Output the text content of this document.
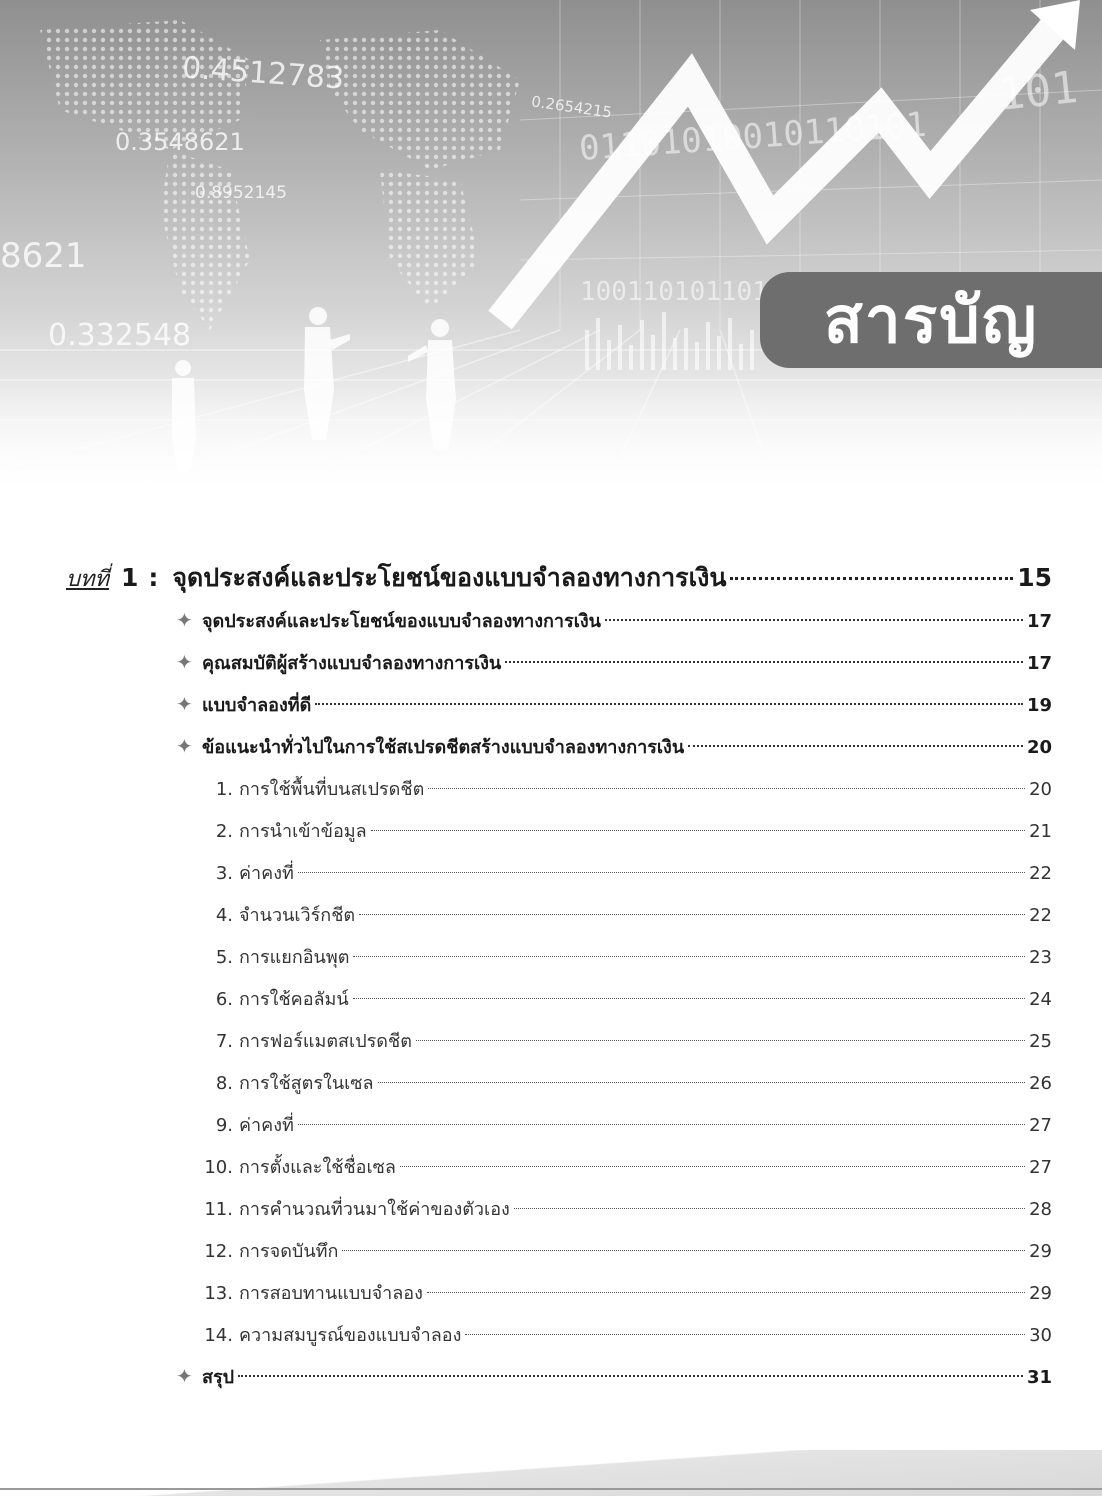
0.4512783
0.3548621
0.8952145
8621
0.332548
0.2654215
สารบัญ
บทที่ 1 : จุดประสงค์และประโยชน์ของแบบจำลองทางการเงิน	15
✦ จุดประสงค์และประโยชน์ของแบบจำลองทางการเงิน	17
✦ คุณสมบัติผู้สร้างแบบจำลองทางการเงิน	17
✦ แบบจำลองที่ดี	19
✦ ข้อแนะนำทั่วไปในการใช้สเปรดชีตสร้างแบบจำลองทางการเงิน	20
1. การใช้พื้นที่บนสเปรดชีต	20
2. การนำเข้าข้อมูล	21
3. ค่าคงที่	22
4. จำนวนเวิร์กชีต	22
5. การแยกอินพุต	23
6. การใช้คอลัมน์	24
7. การฟอร์แมตสเปรดชีต	25
8. การใช้สูตรในเซล	26
9. ค่าคงที่	27
10. การตั้งและใช้ชื่อเซล	27
11. การคำนวณที่วนมาใช้ค่าของตัวเอง	28
12. การจดบันทึก	29
13. การสอบทานแบบจำลอง	29
14. ความสมบูรณ์ของแบบจำลอง	30
✦ สรุป	31
